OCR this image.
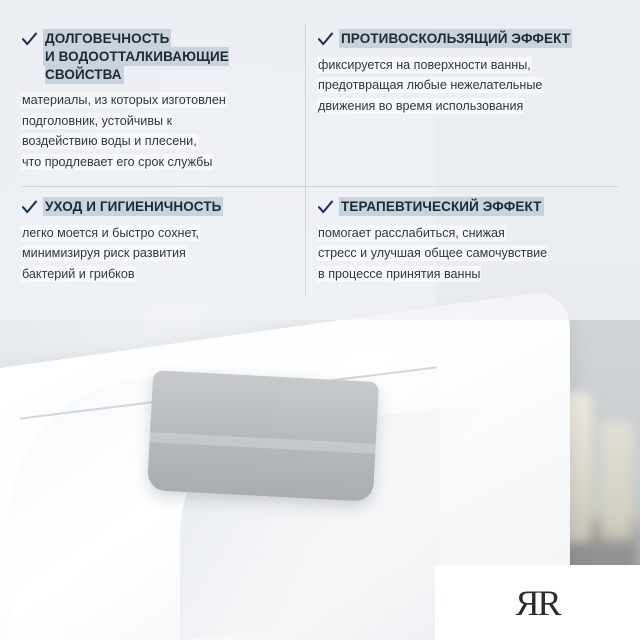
ДОЛГОВЕЧНОСТЬ
И ВОДООТТАЛКИВАЮЩИЕ СВОЙСТВА
материалы, из которых изготовлен
подголовник, устойчивы к
воздействию воды и плесени,
что продлевает его срок службы
ПРОТИВОСКОЛЬЗЯЩИЙ ЭФФЕКТ
фиксируется на поверхности ванны,
предотвращая любые нежелательные
движения во время использования
УХОД И ГИГИЕНИЧНОСТЬ
легко моется и быстро сохнет,
минимизируя риск развития
бактерий и грибков
ТЕРАПЕВТИЧЕСКИЙ ЭФФЕКТ
помогает расслабиться, снижая
стресс и улучшая общее самочувствие
в процессе принятия ванны
ЯR
